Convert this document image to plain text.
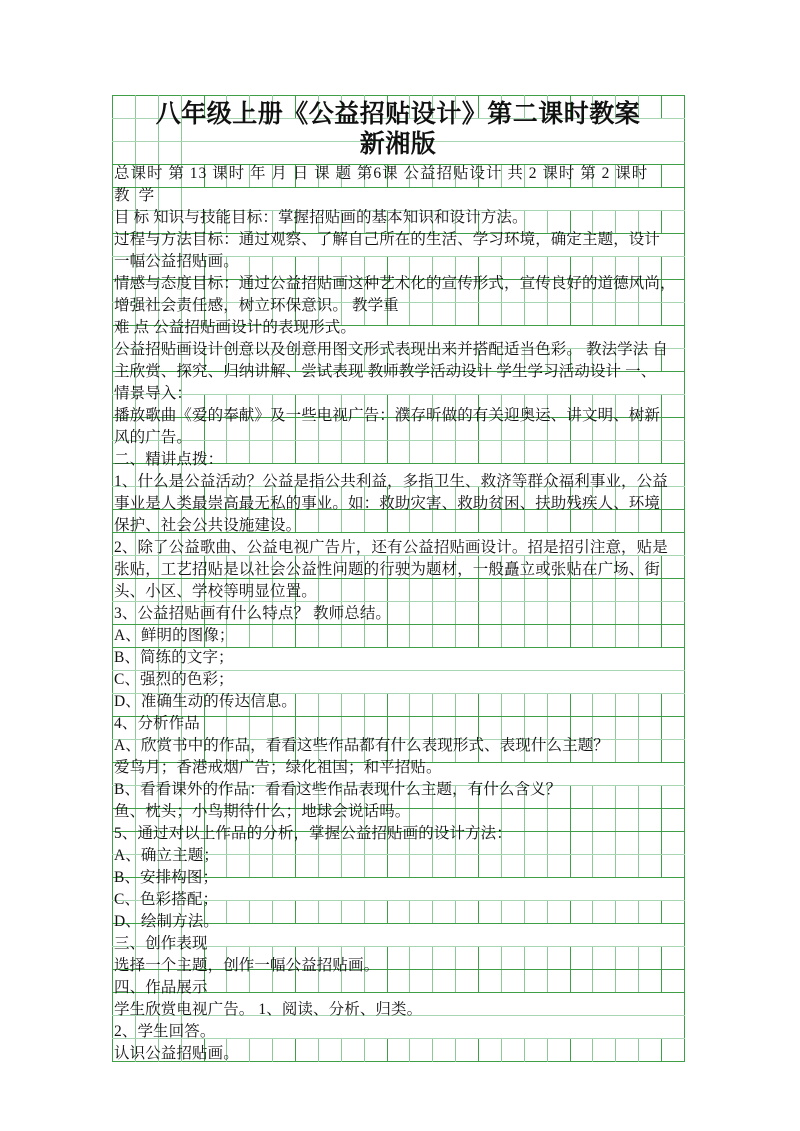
八年级上册《公益招贴设计》第二课时教案
新湘版
总课时 第 13 课时 年 月 日 课 题 第6课 公益招贴设计 共 2 课时 第 2 课时
教 学
目 标 知识与技能目标：掌握招贴画的基本知识和设计方法。
过程与方法目标：通过观察、了解自己所在的生活、学习环境，确定主题，设计
一幅公益招贴画。
情感与态度目标：通过公益招贴画这种艺术化的宣传形式，宣传良好的道德风尚，
增强社会责任感，树立环保意识。 教学重
难 点 公益招贴画设计的表现形式。
公益招贴画设计创意以及创意用图文形式表现出来并搭配适当色彩。 教法学法 自
主欣赏、探究、归纳讲解、尝试表现 教师教学活动设计 学生学习活动设计 一、
情景导入：
播放歌曲《爱的奉献》及一些电视广告：濮存昕做的有关迎奥运、讲文明、树新
风的广告。
二、精讲点拨：
1、什么是公益活动？公益是指公共利益，多指卫生、救济等群众福利事业，公益
事业是人类最崇高最无私的事业。如：救助灾害、救助贫困、扶助残疾人、环境
保护、社会公共设施建设。
2、除了公益歌曲、公益电视广告片，还有公益招贴画设计。招是招引注意，贴是
张贴，工艺招贴是以社会公益性问题的行驶为题材，一般矗立或张贴在广场、街
头、小区、学校等明显位置。
3、公益招贴画有什么特点？ 教师总结。
A、鲜明的图像；
B、简练的文字；
C、强烈的色彩；
D、准确生动的传达信息。
4、分析作品
A、欣赏书中的作品，看看这些作品都有什么表现形式、表现什么主题？
爱鸟月；香港戒烟广告；绿化祖国；和平招贴。
B、看看课外的作品：看看这些作品表现什么主题，有什么含义？
鱼、枕头；小鸟期待什么；地球会说话吗。
5、通过对以上作品的分析，掌握公益招贴画的设计方法：
A、确立主题；
B、安排构图；
C、色彩搭配；
D、绘制方法。
三、创作表现
选择一个主题，创作一幅公益招贴画。
四、作品展示
学生欣赏电视广告。 1、阅读、分析、归类。
2、学生回答。
认识公益招贴画。
